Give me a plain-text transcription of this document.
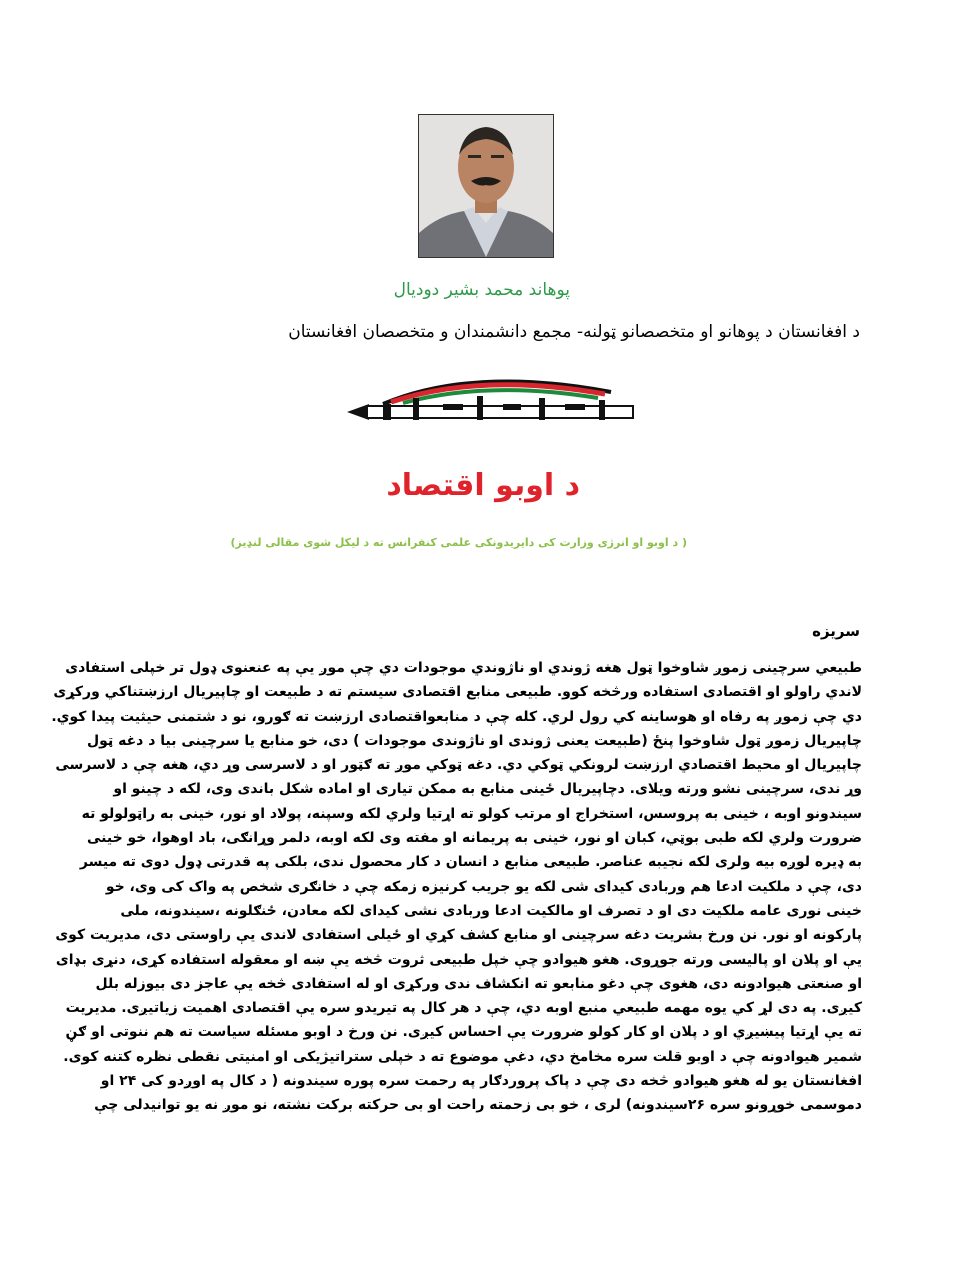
پوهاند محمد بشیر دودیال
د افغانستان د پوهانو او متخصصانو ټولنه- مجمع دانشمندان و متخصصان افغانستان
د اوبو اقتصاد
( د اوبو او انرژی وزارت کی دايريدونکی علمی کنفرانس ته د ليکل شوی مقالی لنډيز)
سريزه
طبیعي سرچینی زموږ شاوخوا ټول هغه ژوندي او ناژوندي موجودات دي چې موږ يې په عنعنوی ډول تر خپلی استفادی
لاندي راولو او اقتصادی استفاده ورڅخه کوو. طبيعی منابع اقتصادی سيستم ته د طبيعت او چاپيريال ارزښتناکي ورکړی
دي چې زموږ په رفاه او هوساينه کي رول لري. کله چې د منابعواقتصادی ارزښت ته ګورو، نو د شتمنی حيثيت پيدا کوي.
چاپيريال زموږ ټول شاوخوا پنځ (طبيعت يعنی ژوندی او ناژوندی موجودات ) دی، خو منابع يا سرچينی بيا د دغه ټول
چاپيريال او محيط اقتصادي ارزښت لرونکي ټوکي دي. دغه ټوکي موږ ته ګټور او د لاسرسی وړ دي، هغه چې د لاسرسی
وړ ندی، سرچينی نشو ورته ويلای. دچاپيريال ځينی منابع به ممکن تياری او اماده شکل باندی وی، لکه د چينو او
سيندونو اوبه ، خينی به پروسس، استخراج او مرتب کولو ته اړتيا ولري لکه وسپنه، پولاد او نور، خينی به راټولولو ته
ضرورت ولري لکه طبی بوټي، کبان او نور، خينی به پريمانه او مفته وی لکه اوبه، دلمر وړانګی، باد اوهوا، خو خينی
به ډيره لوږه بيه ولری لکه نجيبه عناصر. طبيعی منابع د انسان د کار محصول ندی، بلکی په قدرتی ډول دوی ته ميسر
دی، چې د ملکيت ادعا هم وربادی کيدای شی لکه يو جريب کرنيزه زمکه چې د خانګری شخص په واک کی وی، خو
خينی نوری عامه ملکيت دی او د تصرف او مالکيت ادعا وربادی نشی کيدای لکه معادن، ځنګلونه ،سيندونه، ملی
پارکونه او نور. نن ورخ بشريت دغه سرچينی او منابع کشف کړي او ځيلی استفادی لاندی يې راوستی دی، مديريت کوی
يې او پلان او پاليسی ورته جوړوی. هغو هيوادو چې خپل طبيعی ثروت څخه يې ښه او معقوله استفاده کړی، دنړی بډای
او صنعتی هيوادونه دی، هغوی چې دغو منابعو ته انکشاف ندی ورکړی او له استفادی څخه يې عاجز دی بيوزله بلل
کيږی. په دی لړ کي يوه مهمه طبيعي منبع اوبه دي، چې د هر کال په تيريدو سره يې اقتصادی اهميت زياتيږی. مديريت
ته يې اړتيا پيښيږي او د پلان او کار کولو ضرورت يې احساس کيږی. نن ورخ د اوبو مسئله سياست ته هم ننوتی او ګڼ
شمير هيوادونه چې د اوبو قلت سره مخامخ دي، دغې موضوع ته د خپلی ستراتيژيکی او امنيتی نقطی نظره کتنه کوی.
افغانستان يو له هغو هيوادو څخه دی چې د پاک پروردګار په رحمت سره پوره سيندونه ( د کال په اوږدو کی ۲۴ او
دموسمی خوړونو سره ۲۶سيندونه) لری ، خو بی زحمته راحت او بی حرکته برکت نشته، نو موږ نه يو توانيدلی چې
